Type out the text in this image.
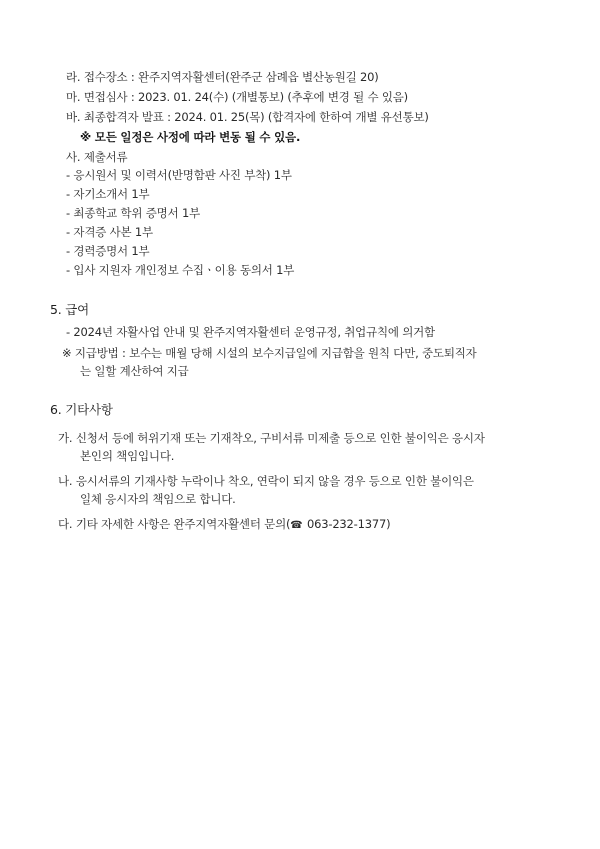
라. 접수장소 : 완주지역자활센터(완주군 삼례읍 별산농원길 20)
마. 면접심사 : 2023. 01. 24(수) (개별통보) (추후에 변경 될 수 있음)
바. 최종합격자 발표 : 2024. 01. 25(목) (합격자에 한하여 개별 유선통보)
※ 모든 일정은 사정에 따라 변동 될 수 있음.
사. 제출서류
- 응시원서 및 이력서(반명함판 사진 부착) 1부
- 자기소개서 1부
- 최종학교 학위 증명서 1부
- 자격증 사본 1부
- 경력증명서 1부
- 입사 지원자 개인정보 수집ㆍ이용 동의서 1부
5. 급여
- 2024년 자활사업 안내 및 완주지역자활센터 운영규정, 취업규칙에 의거함
※ 지급방법 : 보수는 매월 당해 시설의 보수지급일에 지급함을 원칙 다만, 중도퇴직자
는 일할 계산하여 지급
6. 기타사항
가. 신청서 등에 허위기재 또는 기재착오, 구비서류 미제출 등으로 인한 불이익은 응시자
본인의 책임입니다.
나. 응시서류의 기재사항 누락이나 착오, 연락이 되지 않을 경우 등으로 인한 불이익은
일체 응시자의 책임으로 합니다.
다. 기타 자세한 사항은 완주지역자활센터 문의(☎ 063-232-1377)
